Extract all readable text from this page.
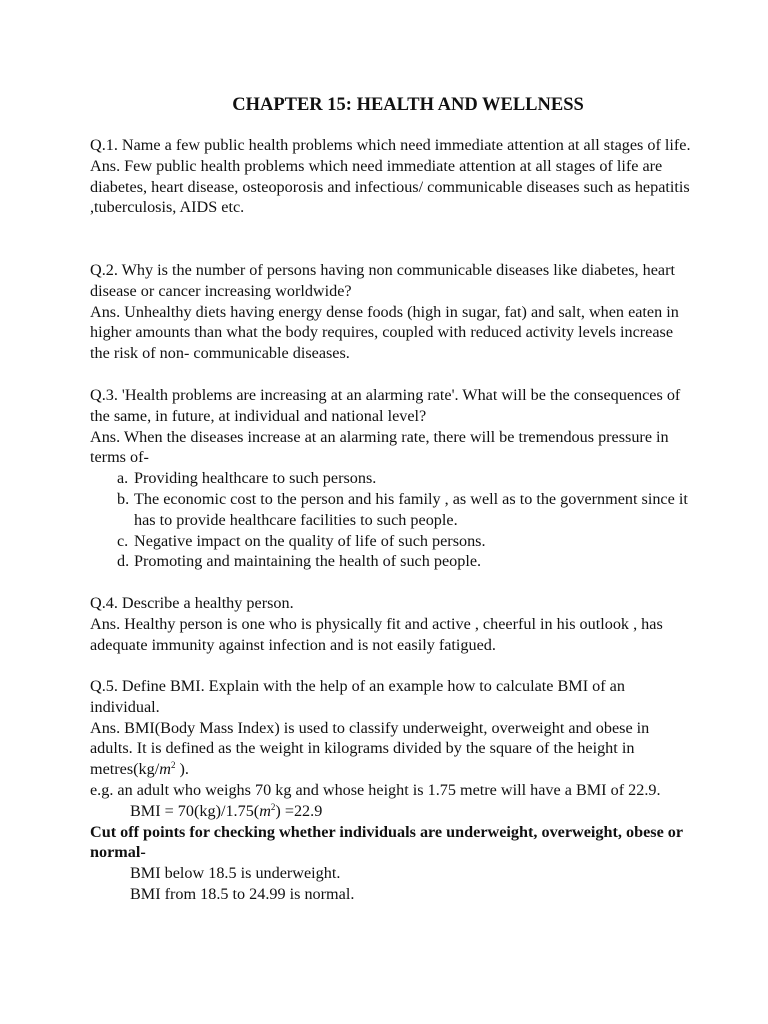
CHAPTER 15: HEALTH AND WELLNESS

Q.1. Name a few public health problems which need immediate attention at all stages of life.

Ans. Few public health problems which need immediate attention at all stages of life are diabetes, heart disease, osteoporosis and infectious/ communicable diseases such as hepatitis ,tuberculosis, AIDS etc.

Q.2. Why is the number of persons having non communicable diseases like diabetes, heart disease or cancer increasing worldwide?

Ans. Unhealthy diets having energy dense foods (high in sugar, fat) and salt, when eaten in higher amounts than what the body requires, coupled with reduced activity levels increase the risk of non- communicable diseases.

Q.3. 'Health problems are increasing at an alarming rate'. What will be the consequences of the same, in future, at individual and national level?

Ans. When the diseases increase at an alarming rate, there will be tremendous pressure in terms of-

a. Providing healthcare to such persons.
b. The economic cost to the person and his family , as well as to the government since it has to provide healthcare facilities to such people.
c. Negative impact on the quality of life of such persons.
d. Promoting and maintaining the health of such people.

Q.4. Describe a healthy person.

Ans. Healthy person is one who is physically fit and active , cheerful in his outlook , has adequate immunity against infection and is not easily fatigued.

Q.5. Define BMI. Explain with the help of an example how to calculate BMI of an individual.

Ans. BMI(Body Mass Index) is used to classify underweight, overweight and obese in adults. It is defined as the weight in kilograms divided by the square of the height in $metres(kg/m^2$ ).

e.g. an adult who weighs 70 kg and whose height is 1.75 metre will have a BMI of 22.9.

BMI = $70(kg)/1.75(m^2) =22.9$

Cut off points for checking whether individuals are underweight, overweight, obese or normal-

BMI below 18.5 is underweight.

BMI from 18.5 to 24.99 is normal.
